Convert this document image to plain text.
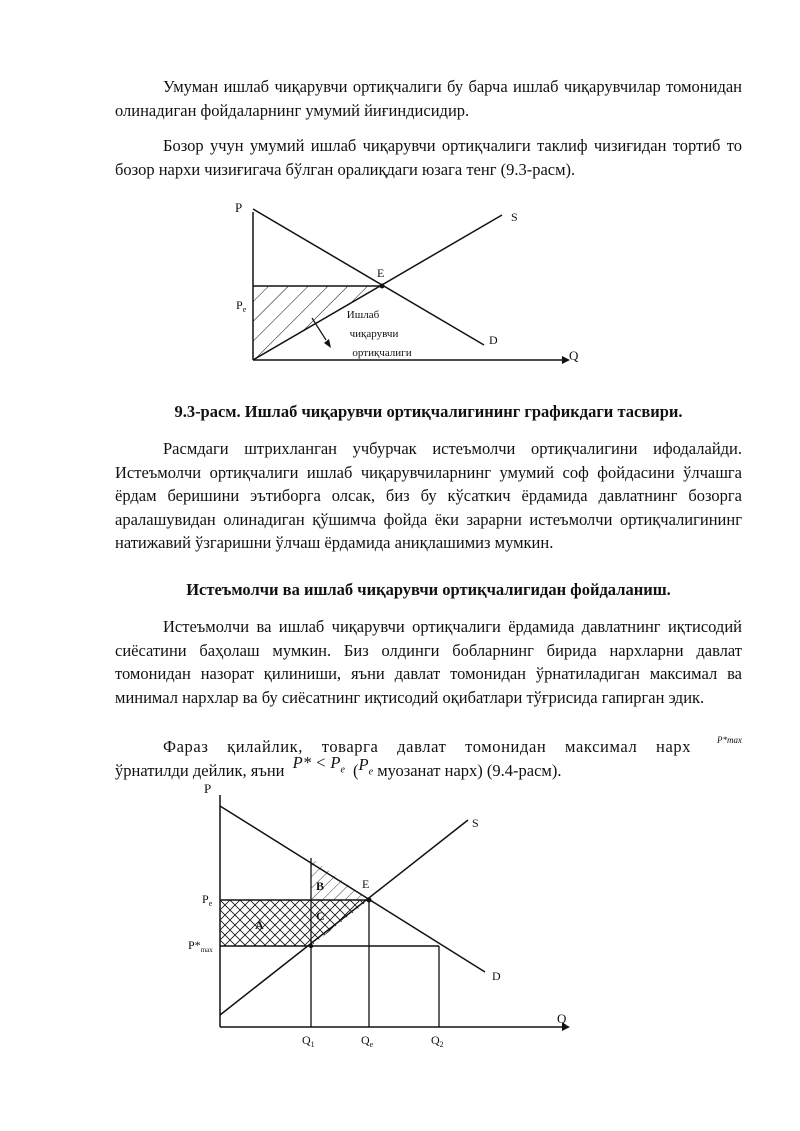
Умуман ишлаб чиқарувчи ортиқчалиги бу барча ишлаб чиқарувчилар томонидан олинадиган фойдаларнинг умумий йиғиндисидир.

Бозор учун умумий ишлаб чиқарувчи ортиқчалиги таклиф чизиғидан тортиб то бозор нархи чизиғигача бўлган оралиқдаги юзага тенг (9.3-расм).

P
Q
S
D
E
$P_e$	Ишлаб
чиқарувчи
ортиқчалиги

9.3-расм. Ишлаб чиқарувчи ортиқчалигининг графикдаги тасвири.

Расмдаги штрихланган учбурчак истеъмолчи ортиқчалигини ифодалайди. Истеъмолчи ортиқчалиги ишлаб чиқарувчиларнинг умумий соф фойдасини ўлчашга ёрдам беришини эътиборга олсак, биз бу кўсаткич ёрдамида давлатнинг бозорга аралашувидан олинадиган қўшимча фойда ёки зарарни истеъмолчи ортиқчалигининг натижавий ўзгаришни ўлчаш ёрдамида аниқлашимиз мумкин.

Истеъмолчи ва ишлаб чиқарувчи ортиқчалигидан фойдаланиш.

Истеъмолчи ва ишлаб чиқарувчи ортиқчалиги ёрдамида давлатнинг иқтисодий сиёсатини баҳолаш мумкин. Биз олдинги бобларнинг бирида нархларни давлат томонидан назорат қилиниши, яъни давлат томонидан ўрнатиладиган максимал ва минимал нархлар ва бу сиёсатнинг иқтисодий оқибатлари тўғрисида гапирган эдик.

Фараз қилайлик, товарга давлат томонидан максимал нарх	P*max
ўрнатилди дейлик, яъни $P* < P_e$ ($P_e$ муозанат нарх) (9.4-расм).
P
Q
S
D
E
$P_e$
$P*_{max}$
A
B
C
$Q_1$	$Q_e$	$Q_2$
